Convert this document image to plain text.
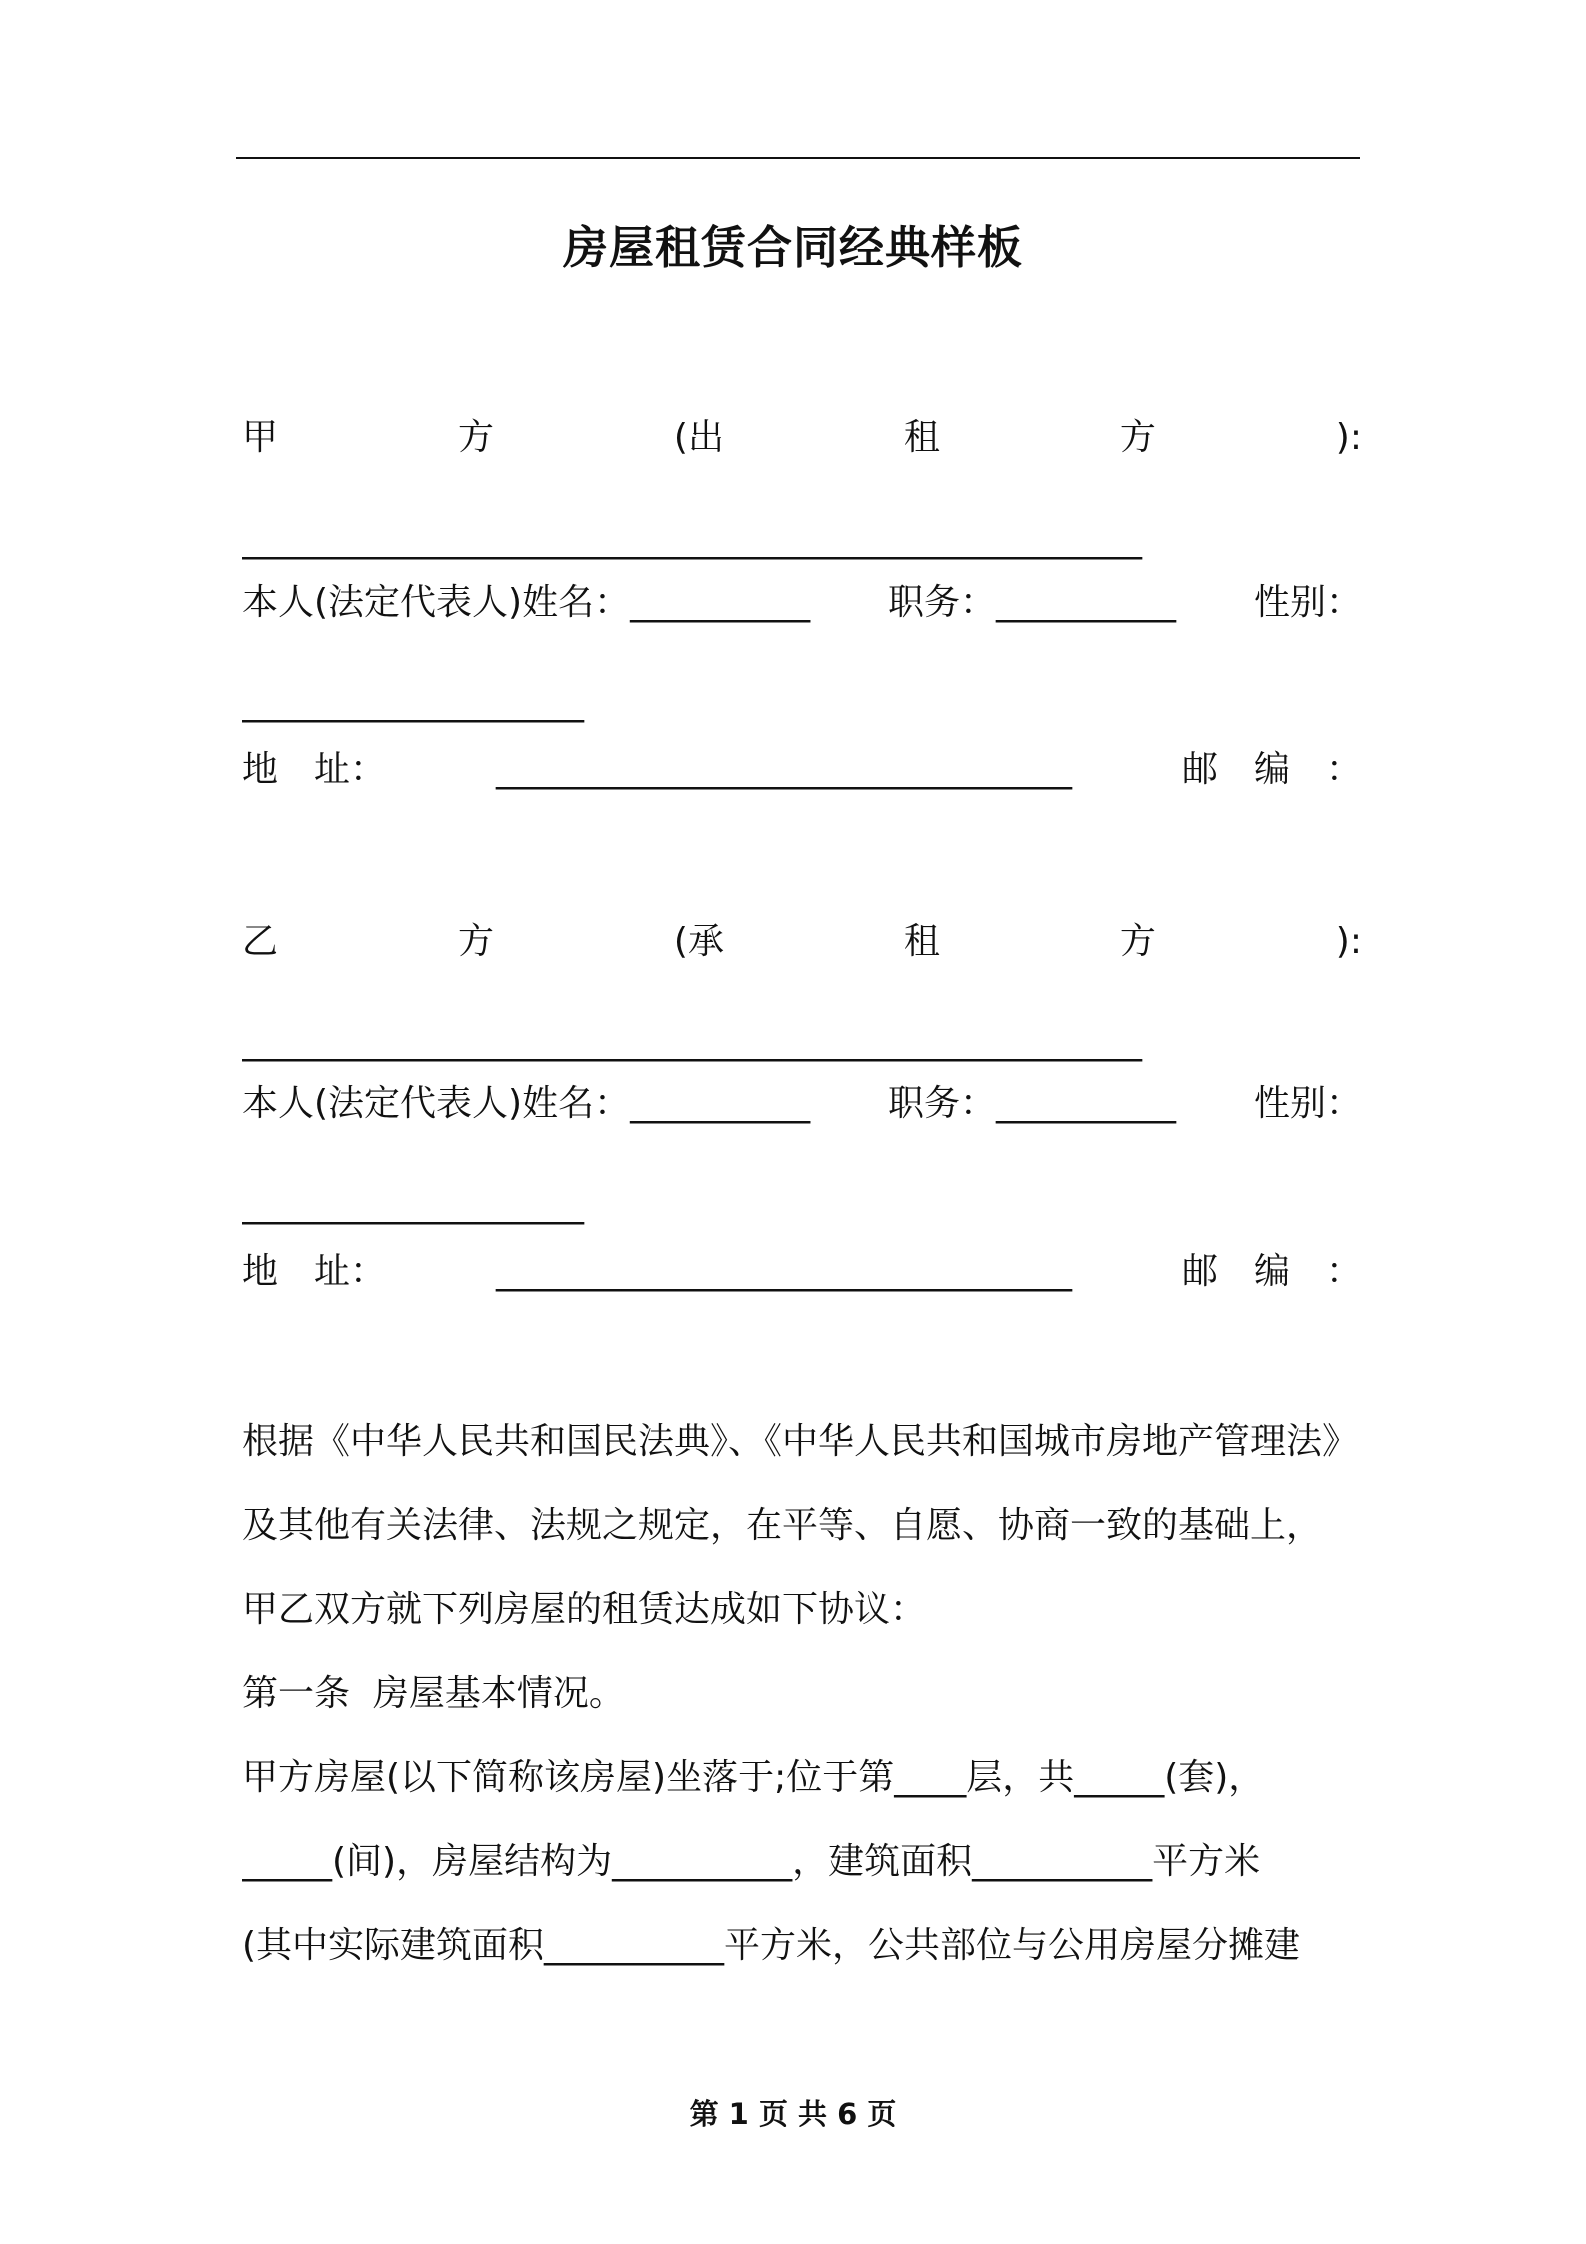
房屋租赁合同经典样板
甲	方	(出	租	方	):
__________________________________________________
本人(法定代表人)姓名：__________ 职务：__________ 性别：
___________________
地　址：	________________________________	邮　编　：

乙	方	(承	租	方	):
__________________________________________________
本人(法定代表人)姓名：__________ 职务：__________ 性别：
___________________
地　址：	________________________________	邮　编　：

根据《中华人民共和国民法典》、《中华人民共和国城市房地产管理法》
及其他有关法律、法规之规定，在平等、自愿、协商一致的基础上，
甲乙双方就下列房屋的租赁达成如下协议：
第一条  房屋基本情况。
甲方房屋(以下简称该房屋)坐落于;位于第____层，共_____(套)，
_____(间)，房屋结构为__________，建筑面积__________平方米
(其中实际建筑面积__________平方米，公共部位与公用房屋分摊建
第 1 页 共 6 页
